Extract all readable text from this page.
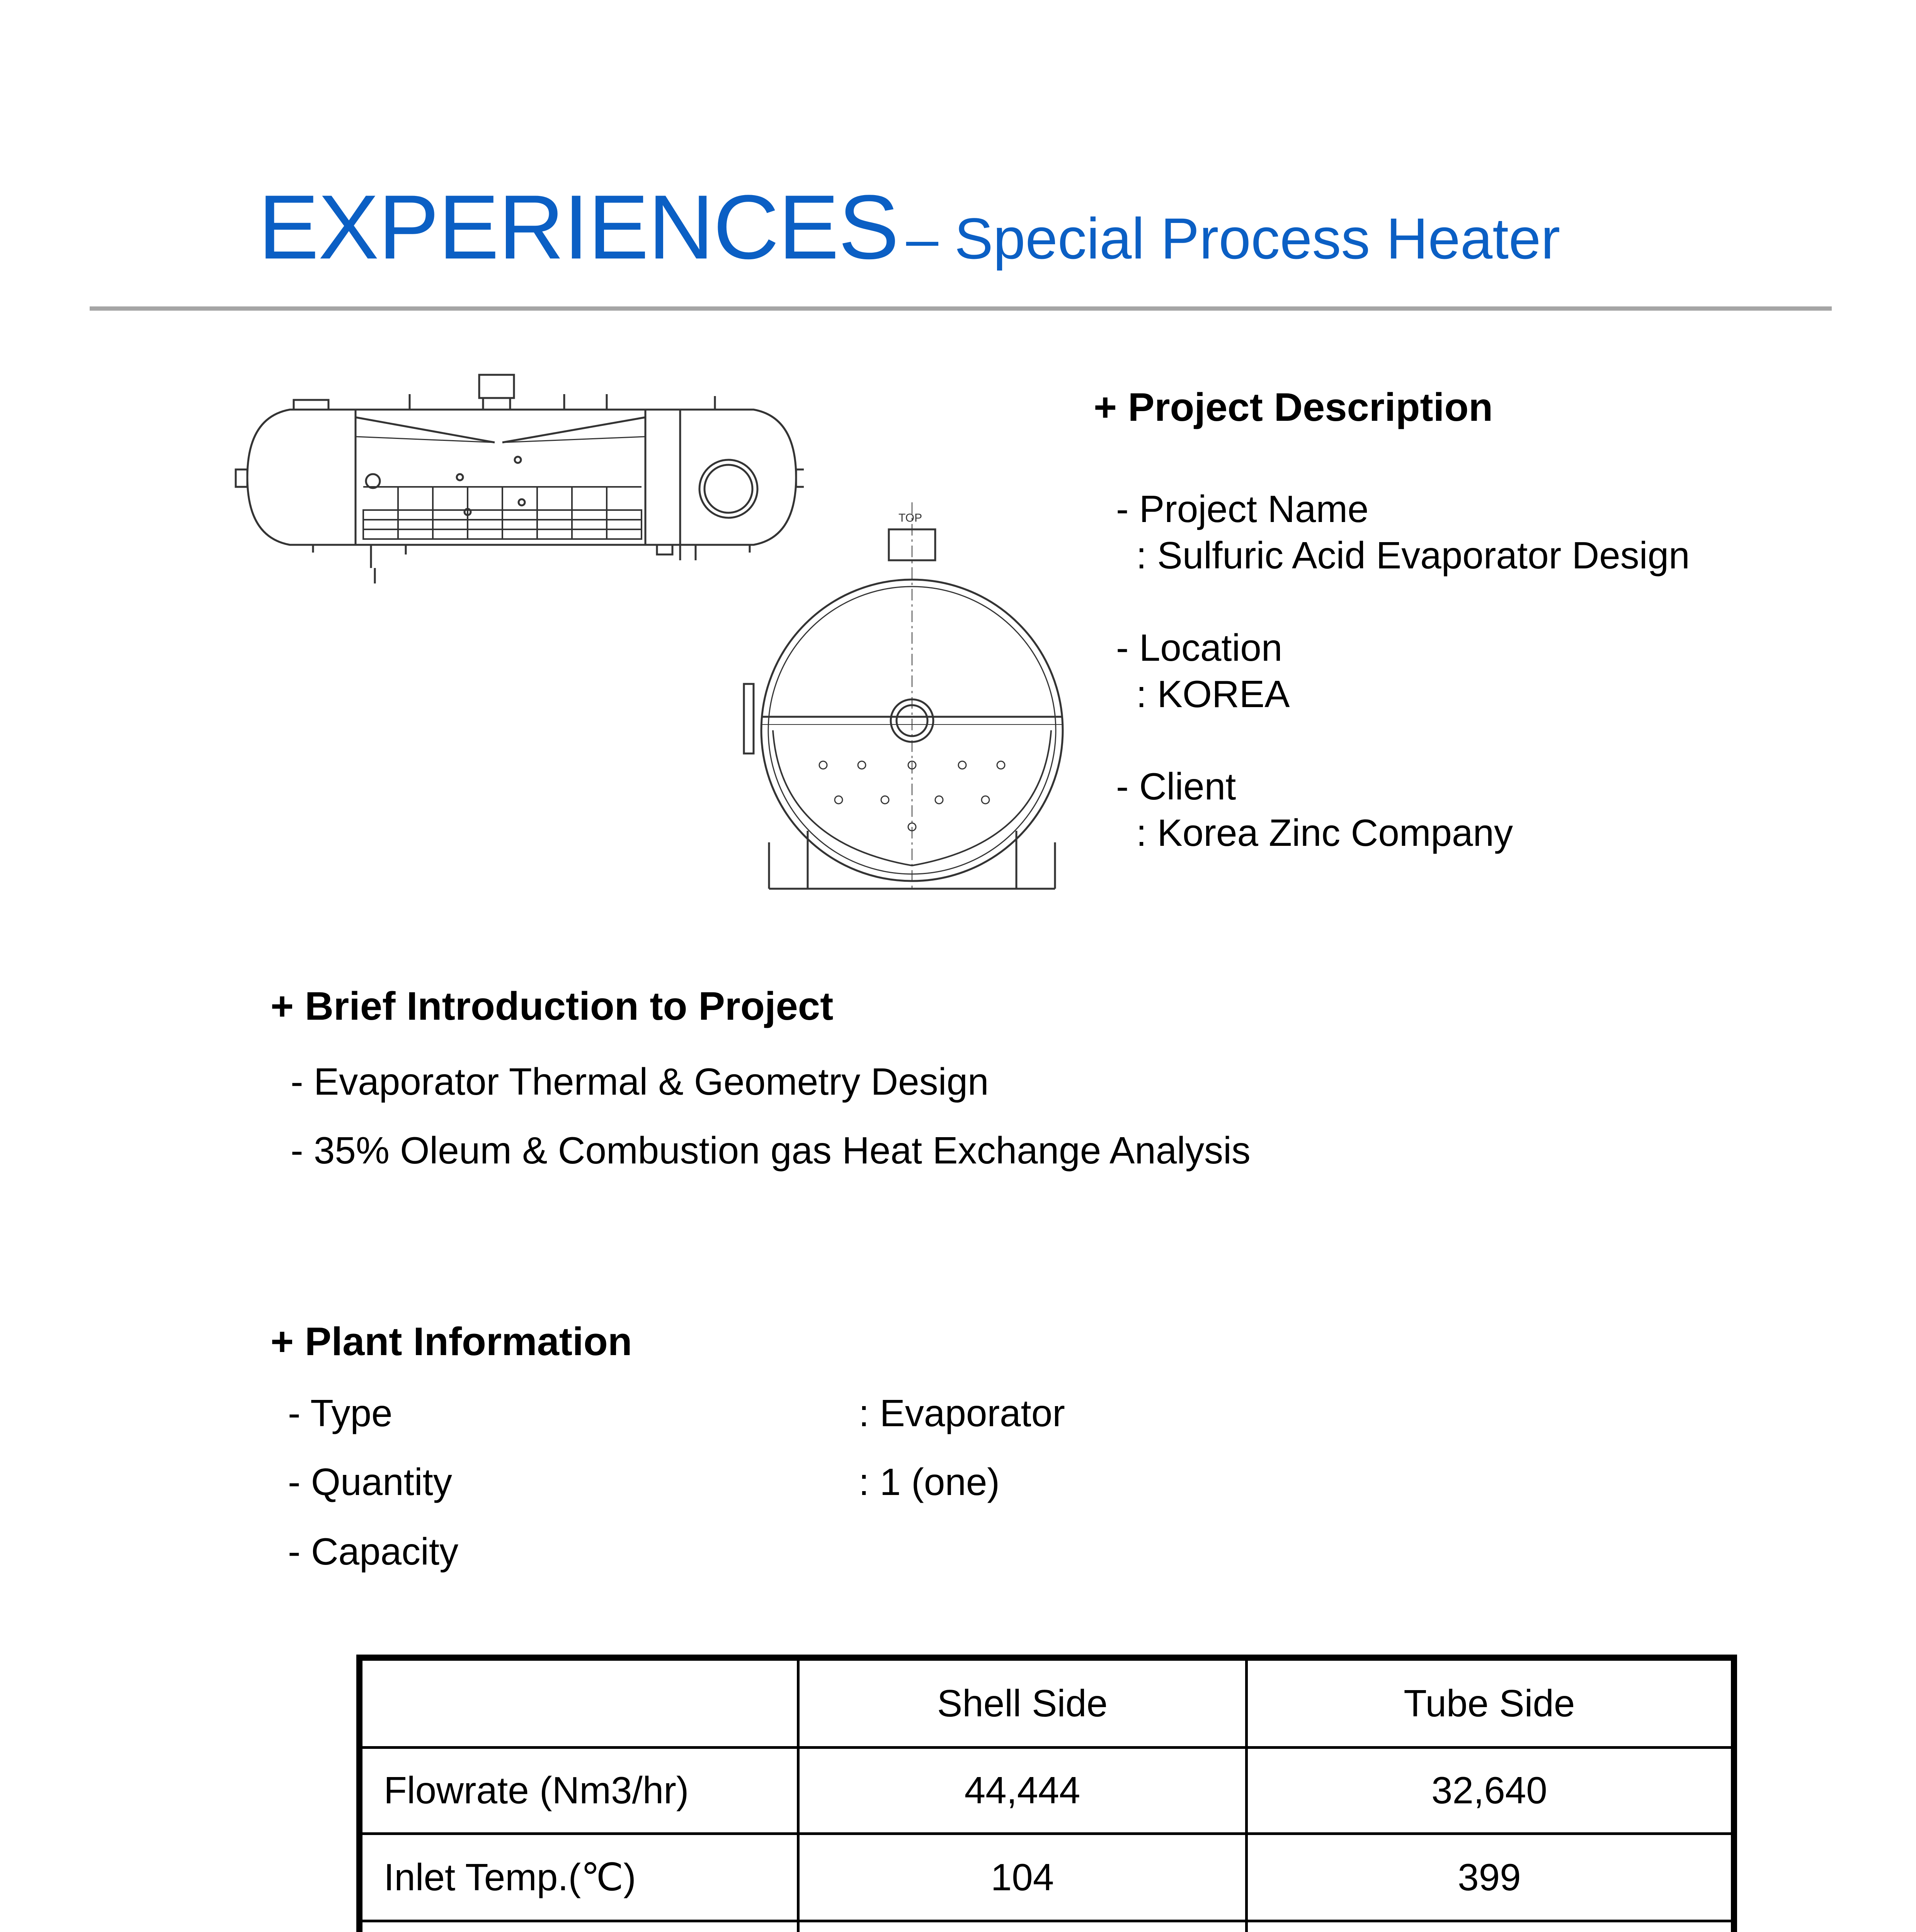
EXPERIENCES – Special Process Heater
TOP
+ Project Description
- Project Name
: Sulfuric Acid Evaporator Design
- Location
: KOREA
- Client
: Korea Zinc Company
+ Brief Introduction to Project
- Evaporator Thermal & Geometry Design
- 35% Oleum & Combustion gas Heat Exchange Analysis
+ Plant Information
- Type	: Evaporator
- Quantity	: 1 (one)
- Capacity
	Shell Side	Tube Side
Flowrate (Nm3/hr)	44,444	32,640
Inlet Temp.(℃)	104	399
